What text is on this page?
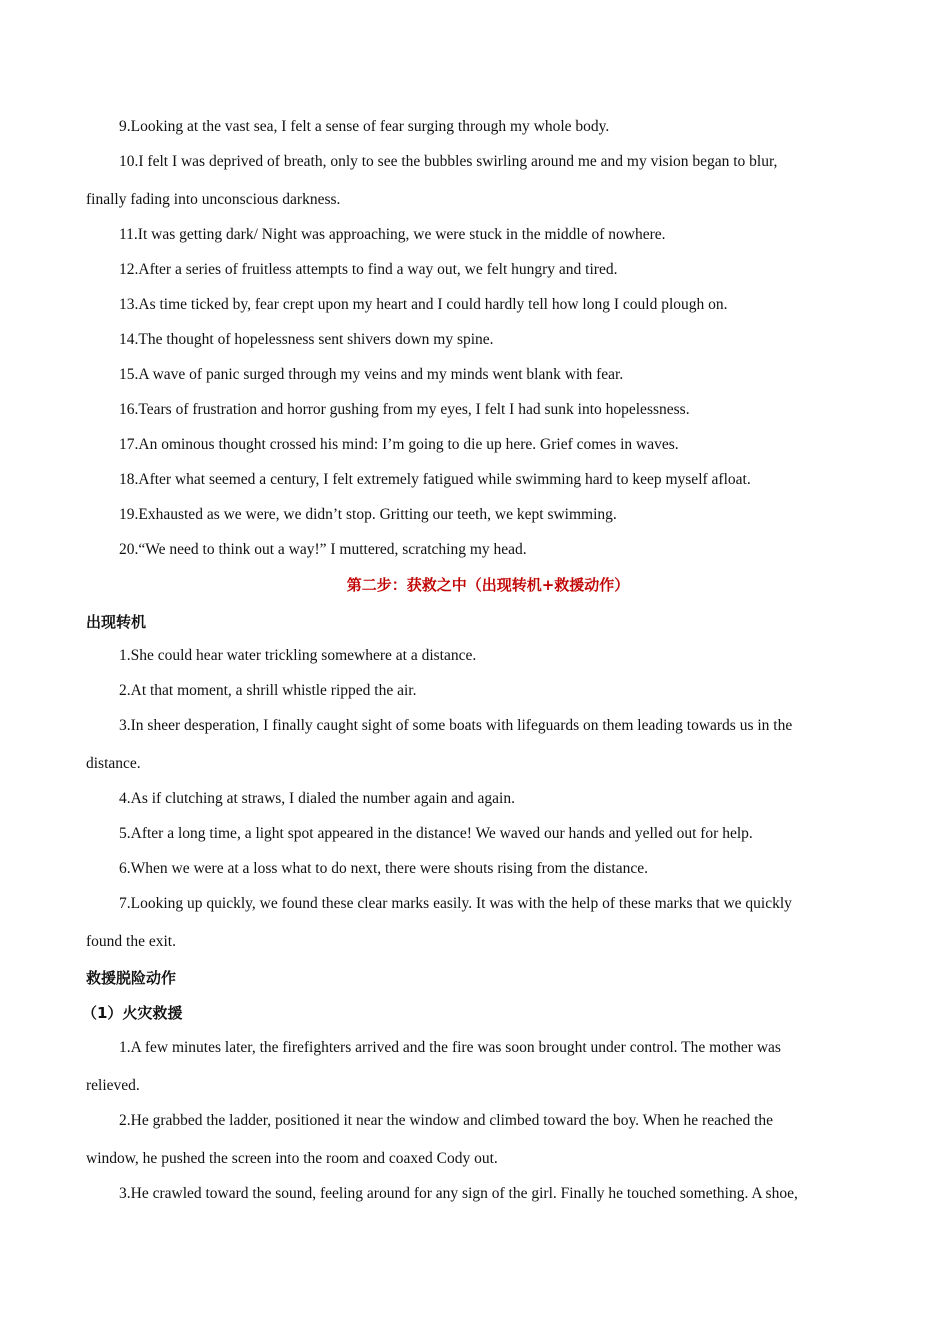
9.Looking at the vast sea, I felt a sense of fear surging through my whole body.
10.I felt I was deprived of breath, only to see the bubbles swirling around me and my vision began to blur,
finally fading into unconscious darkness.
11.It was getting dark/ Night was approaching, we were stuck in the middle of nowhere.
12.After a series of fruitless attempts to find a way out, we felt hungry and tired.
13.As time ticked by, fear crept upon my heart and I could hardly tell how long I could plough on.
14.The thought of hopelessness sent shivers down my spine.
15.A wave of panic surged through my veins and my minds went blank with fear.
16.Tears of frustration and horror gushing from my eyes, I felt I had sunk into hopelessness.
17.An ominous thought crossed his mind: I’m going to die up here. Grief comes in waves.
18.After what seemed a century, I felt extremely fatigued while swimming hard to keep myself afloat.
19.Exhausted as we were, we didn’t stop. Gritting our teeth, we kept swimming.
20.“We need to think out a way!” I muttered, scratching my head.
第二步：获救之中（出现转机+救援动作）
出现转机
1.She could hear water trickling somewhere at a distance.
2.At that moment, a shrill whistle ripped the air.
3.In sheer desperation, I finally caught sight of some boats with lifeguards on them leading towards us in the
distance.
4.As if clutching at straws, I dialed the number again and again.
5.After a long time, a light spot appeared in the distance! We waved our hands and yelled out for help.
6.When we were at a loss what to do next, there were shouts rising from the distance.
7.Looking up quickly, we found these clear marks easily. It was with the help of these marks that we quickly
found the exit.
救援脱险动作
（1）火灾救援
1.A few minutes later, the firefighters arrived and the fire was soon brought under control. The mother was
relieved.
2.He grabbed the ladder, positioned it near the window and climbed toward the boy. When he reached the
window, he pushed the screen into the room and coaxed Cody out.
3.He crawled toward the sound, feeling around for any sign of the girl. Finally he touched something. A shoe,
